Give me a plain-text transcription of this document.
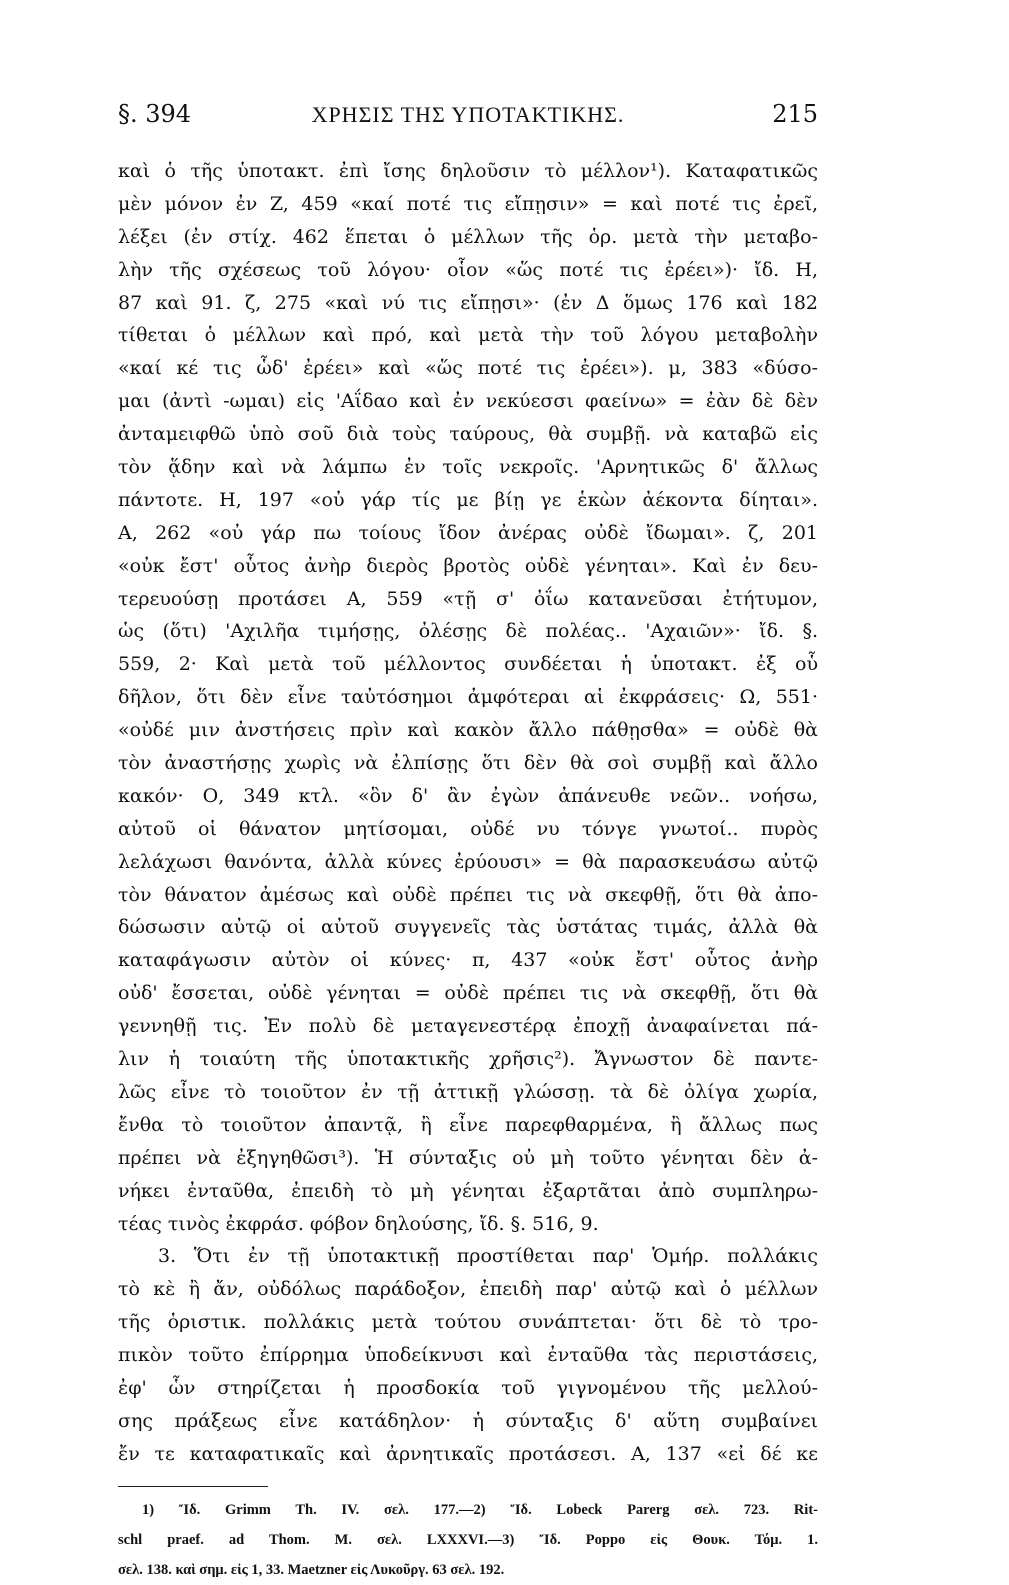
§. 394	ΧΡΗΣΙΣ ΤΗΣ ΥΠΟΤΑΚΤΙΚΗΣ.	215
καὶ ὁ τῆς ὑποτακτ. ἐπὶ ἴσης δηλοῦσιν τὸ μέλλον¹). Καταφατικῶς
μὲν μόνον ἐν Z, 459 «καί ποτέ τις εἴπῃσιν» = καὶ ποτέ τις ἐρεῖ,
λέξει (ἐν στίχ. 462 ἕπεται ὁ μέλλων τῆς ὁρ. μετὰ τὴν μεταβο-
λὴν τῆς σχέσεως τοῦ λόγου· οἷον «ὥς ποτέ τις ἐρέει»)· ἴδ. H,
87 καὶ 91. ζ, 275 «καὶ νύ τις εἴπῃσι»· (ἐν Δ ὅμως 176 καὶ 182
τίθεται ὁ μέλλων καὶ πρό, καὶ μετὰ τὴν τοῦ λόγου μεταβολὴν
«καί κέ τις ὧδ' ἐρέει» καὶ «ὥς ποτέ τις ἐρέει»). μ, 383 «δύσο-
μαι (ἀντὶ -ωμαι) εἰς 'Αΐδαο καὶ ἐν νεκύεσσι φαείνω» = ἐὰν δὲ δὲν
ἀνταμειφθῶ ὑπὸ σοῦ διὰ τοὺς ταύρους, θὰ συμβῇ. νὰ καταβῶ εἰς
τὸν ᾅδην καὶ νὰ λάμπω ἐν τοῖς νεκροῖς. 'Αρνητικῶς δ' ἄλλως
πάντοτε. Η, 197 «οὐ γάρ τίς με βίῃ γε ἑκὼν ἀέκοντα δίηται».
Α, 262 «οὐ γάρ πω τοίους ἴδον ἀνέρας οὐδὲ ἴδωμαι». ζ, 201
«οὐκ ἔστ' οὗτος ἀνὴρ διερὸς βροτὸς οὐδὲ γένηται». Καὶ ἐν δευ-
τερευούσῃ προτάσει Α, 559 «τῇ σ' ὀΐω κατανεῦσαι ἐτήτυμον,
ὡς (ὅτι) 'Αχιλῆα τιμήσῃς, ὀλέσῃς δὲ πολέας.. 'Αχαιῶν»· ἴδ. §.
559, 2· Καὶ μετὰ τοῦ μέλλοντος συνδέεται ἡ ὑποτακτ. ἐξ οὗ
δῆλον, ὅτι δὲν εἶνε ταὐτόσημοι ἀμφότεραι αἱ ἐκφράσεις· Ω, 551·
«οὐδέ μιν ἀνστήσεις πρὶν καὶ κακὸν ἄλλο πάθῃσθα» = οὐδὲ θὰ
τὸν ἀναστήσῃς χωρὶς νὰ ἐλπίσῃς ὅτι δὲν θὰ σοὶ συμβῇ καὶ ἄλλο
κακόν· Ο, 349 κτλ. «ὃν δ' ἂν ἐγὼν ἀπάνευθε νεῶν.. νοήσω,
αὐτοῦ οἱ θάνατον μητίσομαι, οὐδέ νυ τόνγε γνωτοί.. πυρὸς
λελάχωσι θανόντα, ἀλλὰ κύνες ἐρύουσι» = θὰ παρασκευάσω αὐτῷ
τὸν θάνατον ἀμέσως καὶ οὐδὲ πρέπει τις νὰ σκεφθῇ, ὅτι θὰ ἀπο-
δώσωσιν αὐτῷ οἱ αὐτοῦ συγγενεῖς τὰς ὑστάτας τιμάς, ἀλλὰ θὰ
καταφάγωσιν αὐτὸν οἱ κύνες· π, 437 «οὐκ ἔστ' οὗτος ἀνὴρ
οὐδ' ἔσσεται, οὐδὲ γένηται = οὐδὲ πρέπει τις νὰ σκεφθῇ, ὅτι θὰ
γεννηθῇ τις. Ἐν πολὺ δὲ μεταγενεστέρᾳ ἐποχῇ ἀναφαίνεται πά-
λιν ἡ τοιαύτη τῆς ὑποτακτικῆς χρῆσις²). Ἄγνωστον δὲ παντε-
λῶς εἶνε τὸ τοιοῦτον ἐν τῇ ἀττικῇ γλώσσῃ. τὰ δὲ ὀλίγα χωρία,
ἔνθα τὸ τοιοῦτον ἀπαντᾷ, ἢ εἶνε παρεφθαρμένα, ἢ ἄλλως πως
πρέπει νὰ ἐξηγηθῶσι³). Ἡ σύνταξις οὐ μὴ τοῦτο γένηται δὲν ἀ-
νήκει ἐνταῦθα, ἐπειδὴ τὸ μὴ γένηται ἐξαρτᾶται ἀπὸ συμπληρω-
τέας τινὸς ἐκφράσ. φόβον δηλούσης, ἴδ. §. 516, 9.
3. Ὅτι ἐν τῇ ὑποτακτικῇ προστίθεται παρ' Ὁμήρ. πολλάκις
τὸ κὲ ἢ ἄν, οὐδόλως παράδοξον, ἐπειδὴ παρ' αὐτῷ καὶ ὁ μέλλων
τῆς ὁριστικ. πολλάκις μετὰ τούτου συνάπτεται· ὅτι δὲ τὸ τρο-
πικὸν τοῦτο ἐπίρρημα ὑποδείκνυσι καὶ ἐνταῦθα τὰς περιστάσεις,
ἐφ' ὧν στηρίζεται ἡ προσδοκία τοῦ γιγνομένου τῆς μελλού-
σης πράξεως εἶνε κατάδηλον· ἡ σύνταξις δ' αὕτη συμβαίνει
ἔν τε καταφατικαῖς καὶ ἀρνητικαῖς προτάσεσι. Α, 137 «εἰ δέ κε
1) Ἴδ. Grimm Th. IV. σελ. 177.—2) Ἴδ. Lobeck Parerg σελ. 723. Rit-
schl praef. ad Thom. M. σελ. LXXXVI.—3) Ἴδ. Poppo εἰς Θουκ. Τόμ. 1.
σελ. 138. καὶ σημ. εἰς 1, 33. Maetzner εἰς Λυκοῦργ. 63 σελ. 192.
